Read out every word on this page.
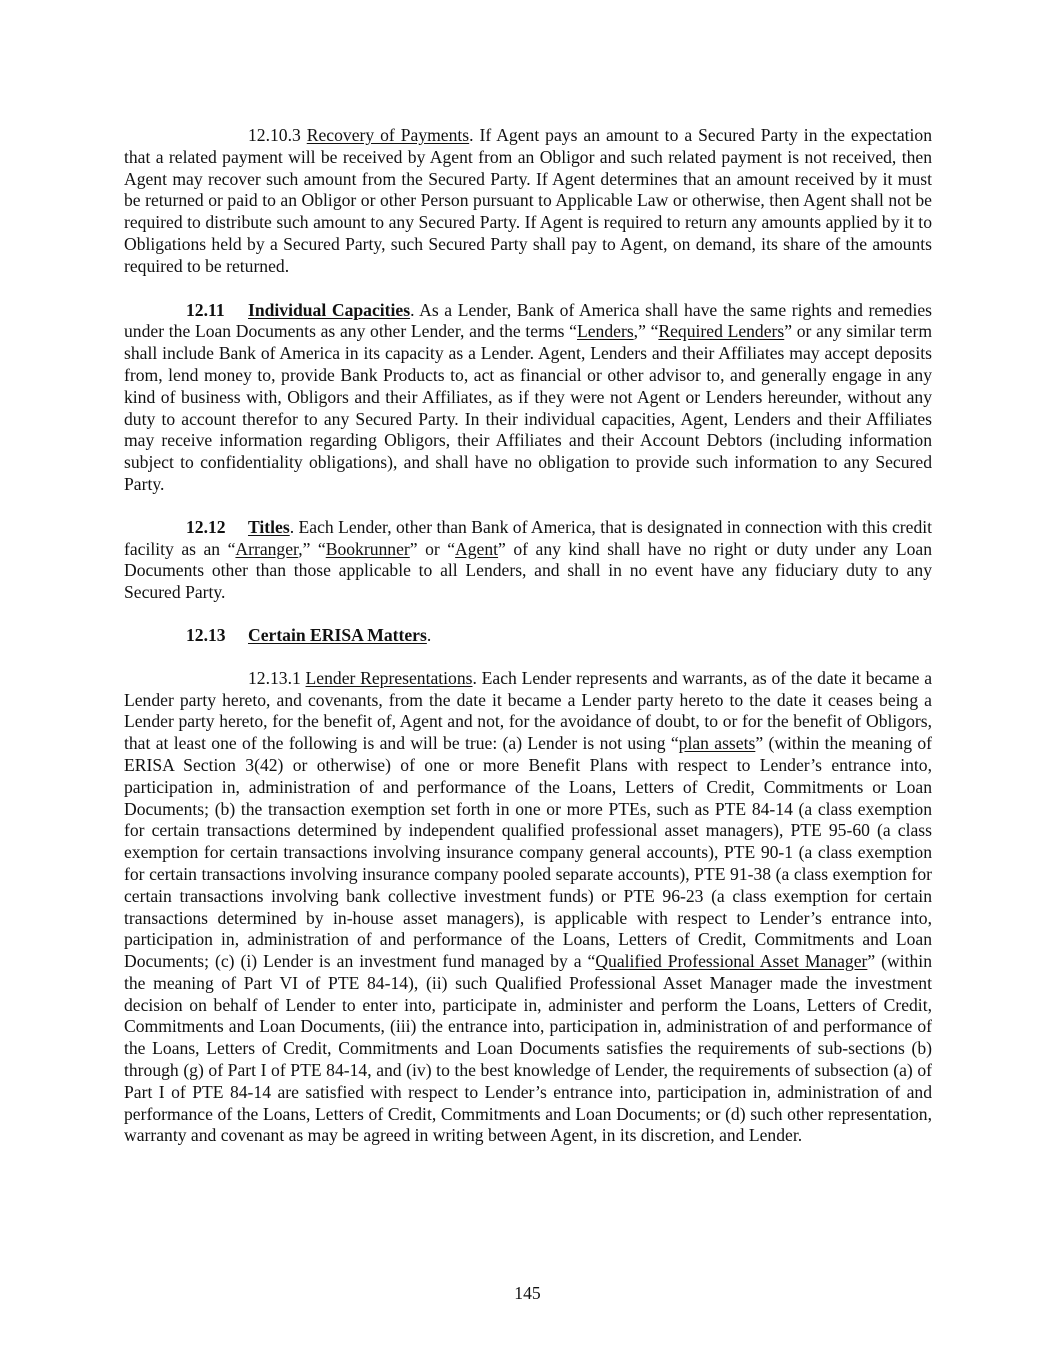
12.10.3 Recovery of Payments. If Agent pays an amount to a Secured Party in the expectation that a related payment will be received by Agent from an Obligor and such related payment is not received, then Agent may recover such amount from the Secured Party. If Agent determines that an amount received by it must be returned or paid to an Obligor or other Person pursuant to Applicable Law or otherwise, then Agent shall not be required to distribute such amount to any Secured Party. If Agent is required to return any amounts applied by it to Obligations held by a Secured Party, such Secured Party shall pay to Agent, on demand, its share of the amounts required to be returned.

12.11 Individual Capacities. As a Lender, Bank of America shall have the same rights and remedies under the Loan Documents as any other Lender, and the terms “Lenders,” “Required Lenders” or any similar term shall include Bank of America in its capacity as a Lender. Agent, Lenders and their Affiliates may accept deposits from, lend money to, provide Bank Products to, act as financial or other advisor to, and generally engage in any kind of business with, Obligors and their Affiliates, as if they were not Agent or Lenders hereunder, without any duty to account therefor to any Secured Party. In their individual capacities, Agent, Lenders and their Affiliates may receive information regarding Obligors, their Affiliates and their Account Debtors (including information subject to confidentiality obligations), and shall have no obligation to provide such information to any Secured Party.

12.12 Titles. Each Lender, other than Bank of America, that is designated in connection with this credit facility as an “Arranger,” “Bookrunner” or “Agent” of any kind shall have no right or duty under any Loan Documents other than those applicable to all Lenders, and shall in no event have any fiduciary duty to any Secured Party.

12.13 Certain ERISA Matters.

12.13.1 Lender Representations. Each Lender represents and warrants, as of the date it became a Lender party hereto, and covenants, from the date it became a Lender party hereto to the date it ceases being a Lender party hereto, for the benefit of, Agent and not, for the avoidance of doubt, to or for the benefit of Obligors, that at least one of the following is and will be true: (a) Lender is not using “plan assets” (within the meaning of ERISA Section 3(42) or otherwise) of one or more Benefit Plans with respect to Lender’s entrance into, participation in, administration of and performance of the Loans, Letters of Credit, Commitments or Loan Documents; (b) the transaction exemption set forth in one or more PTEs, such as PTE 84-14 (a class exemption for certain transactions determined by independent qualified professional asset managers), PTE 95-60 (a class exemption for certain transactions involving insurance company general accounts), PTE 90-1 (a class exemption for certain transactions involving insurance company pooled separate accounts), PTE 91-38 (a class exemption for certain transactions involving bank collective investment funds) or PTE 96-23 (a class exemption for certain transactions determined by in-house asset managers), is applicable with respect to Lender’s entrance into, participation in, administration of and performance of the Loans, Letters of Credit, Commitments and Loan Documents; (c) (i) Lender is an investment fund managed by a “Qualified Professional Asset Manager” (within the meaning of Part VI of PTE 84-14), (ii) such Qualified Professional Asset Manager made the investment decision on behalf of Lender to enter into, participate in, administer and perform the Loans, Letters of Credit, Commitments and Loan Documents, (iii) the entrance into, participation in, administration of and performance of the Loans, Letters of Credit, Commitments and Loan Documents satisfies the requirements of sub-sections (b) through (g) of Part I of PTE 84-14, and (iv) to the best knowledge of Lender, the requirements of subsection (a) of Part I of PTE 84-14 are satisfied with respect to Lender’s entrance into, participation in, administration of and performance of the Loans, Letters of Credit, Commitments and Loan Documents; or (d) such other representation, warranty and covenant as may be agreed in writing between Agent, in its discretion, and Lender.

145
